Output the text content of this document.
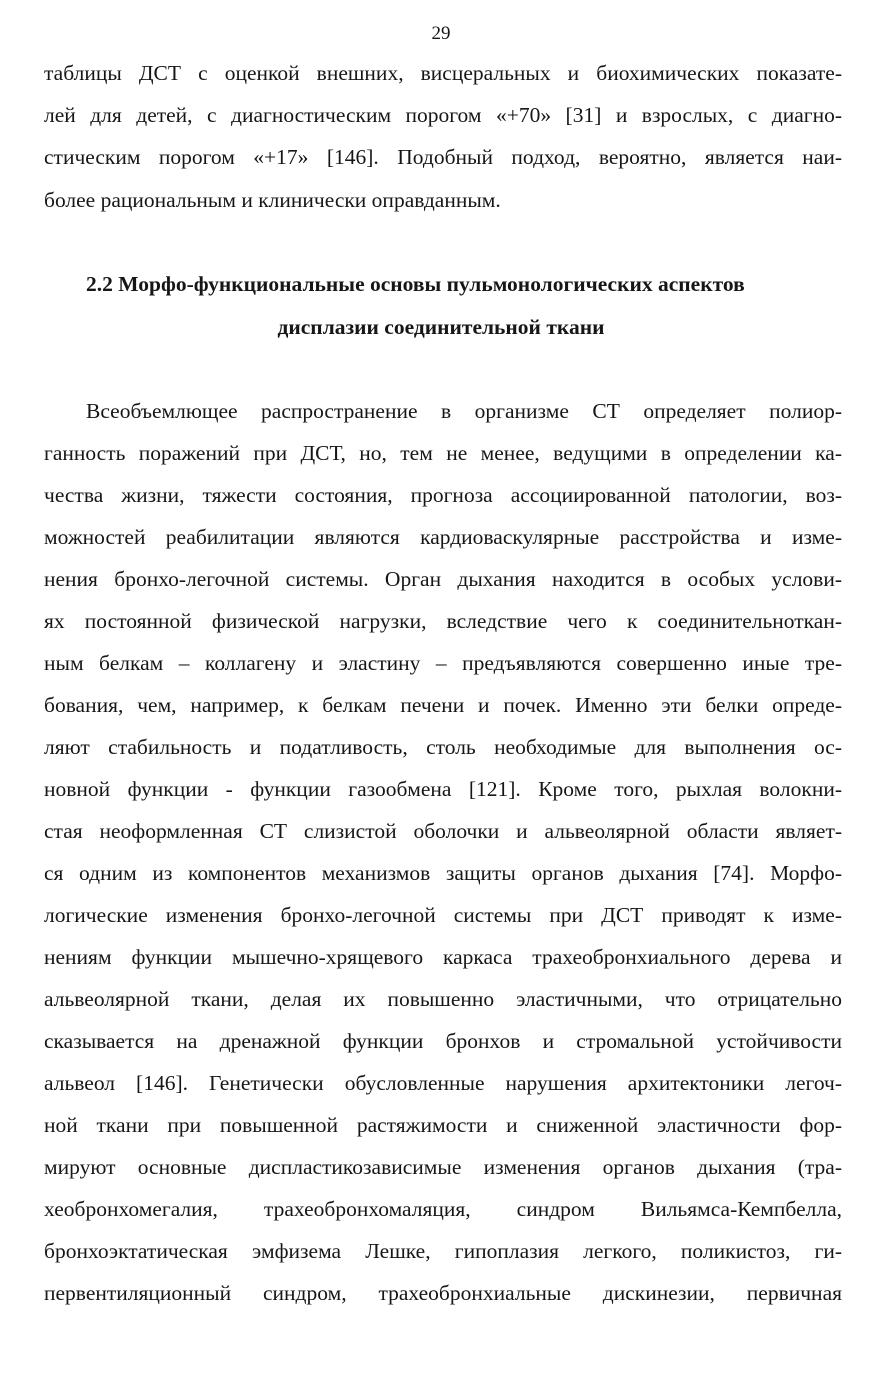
29
таблицы ДСТ с оценкой внешних, висцеральных и биохимических показате-
лей для детей, с диагностическим порогом «+70» [31] и взрослых, с диагно-
стическим порогом «+17» [146]. Подобный подход, вероятно, является наи-
более рациональным и клинически оправданным.
2.2 Морфо-функциональные основы пульмонологических аспектов
дисплазии соединительной ткани
Всеобъемлющее распространение в организме СТ определяет полиор-
ганность поражений при ДСТ, но, тем не менее, ведущими в определении ка-
чества жизни, тяжести состояния, прогноза ассоциированной патологии, воз-
можностей реабилитации являются кардиоваскулярные расстройства и изме-
нения бронхо-легочной системы. Орган дыхания находится в особых услови-
ях постоянной физической нагрузки, вследствие чего к соединительноткан-
ным белкам – коллагену и эластину – предъявляются совершенно иные тре-
бования, чем, например, к белкам печени и почек. Именно эти белки опреде-
ляют стабильность и податливость, столь необходимые для выполнения ос-
новной функции - функции газообмена [121]. Кроме того, рыхлая волокни-
стая неоформленная СТ слизистой оболочки и альвеолярной области являет-
ся одним из компонентов механизмов защиты органов дыхания [74]. Морфо-
логические изменения бронхо-легочной системы при ДСТ приводят к изме-
нениям функции мышечно-хрящевого каркаса трахеобронхиального дерева и
альвеолярной ткани, делая их повышенно эластичными, что отрицательно
сказывается на дренажной функции бронхов и стромальной устойчивости
альвеол [146]. Генетически обусловленные нарушения архитектоники легоч-
ной ткани при повышенной растяжимости и сниженной эластичности фор-
мируют основные диспластикозависимые изменения органов дыхания (тра-
хеобронхомегалия, трахеобронхомаляция, синдром Вильямса-Кемпбелла,
бронхоэктатическая эмфизема Лешке, гипоплазия легкого, поликистоз, ги-
первентиляционный синдром, трахеобронхиальные дискинезии, первичная
